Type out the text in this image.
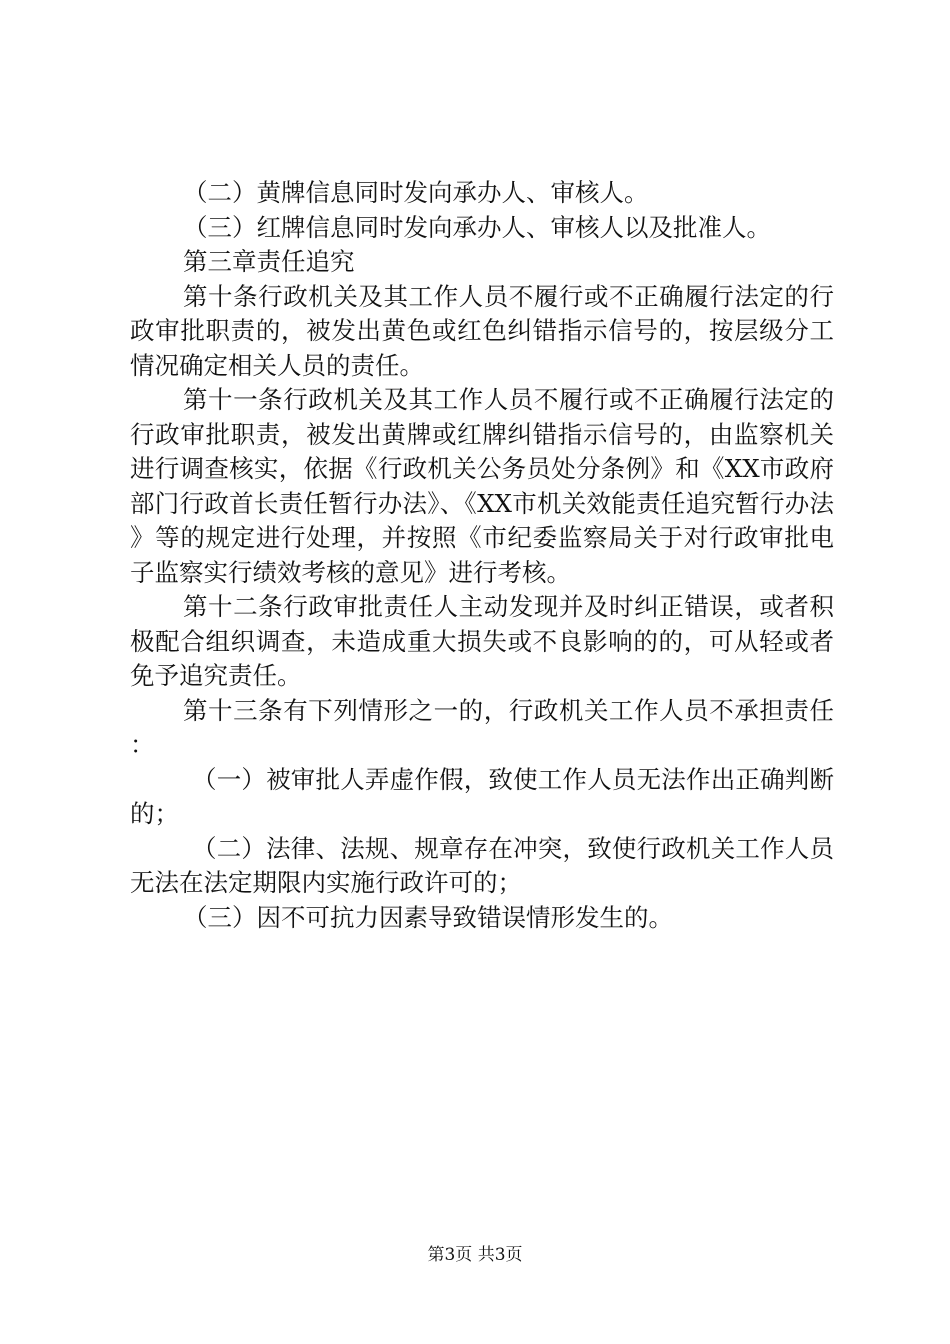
（二）黄牌信息同时发向承办人、审核人。

（三）红牌信息同时发向承办人、审核人以及批准人。

第三章责任追究

第十条行政机关及其工作人员不履行或不正确履行法定的行政审批职责的，被发出黄色或红色纠错指示信号的，按层级分工情况确定相关人员的责任。

第十一条行政机关及其工作人员不履行或不正确履行法定的行政审批职责，被发出黄牌或红牌纠错指示信号的，由监察机关进行调查核实，依据《行政机关公务员处分条例》和《XX市政府部门行政首长责任暂行办法》、《XX市机关效能责任追究暂行办法》等的规定进行处理，并按照《市纪委监察局关于对行政审批电子监察实行绩效考核的意见》进行考核。

第十二条行政审批责任人主动发现并及时纠正错误，或者积极配合组织调查，未造成重大损失或不良影响的的，可从轻或者免予追究责任。

第十三条有下列情形之一的，行政机关工作人员不承担责任：

（一）被审批人弄虚作假，致使工作人员无法作出正确判断的；

（二）法律、法规、规章存在冲突，致使行政机关工作人员无法在法定期限内实施行政许可的；

（三）因不可抗力因素导致错误情形发生的。

第3页 共3页
